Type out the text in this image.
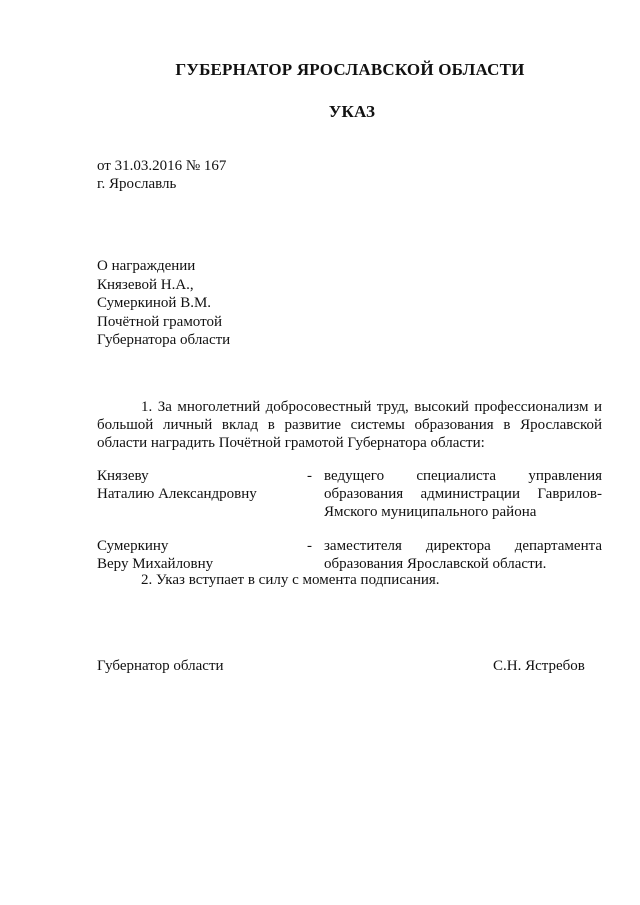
ГУБЕРНАТОР ЯРОСЛАВСКОЙ ОБЛАСТИ
УКАЗ
от 31.03.2016 № 167
г. Ярославль
О награждении
Князевой Н.А.,
Сумеркиной В.М.
Почётной грамотой
Губернатора области
1. За многолетний добросовестный труд, высокий профессионализм и большой личный вклад в развитие системы образования в Ярославской области наградить Почётной грамотой Губернатора области:
Князеву
Наталию Александровну
- ведущего специалиста управления
образования администрации Гаврилов-
Ямского муниципального района
Сумеркину
Веру Михайловну
- заместителя директора департамента
образования Ярославской области.
2. Указ вступает в силу с момента подписания.
Губернатор области	С.Н. Ястребов
